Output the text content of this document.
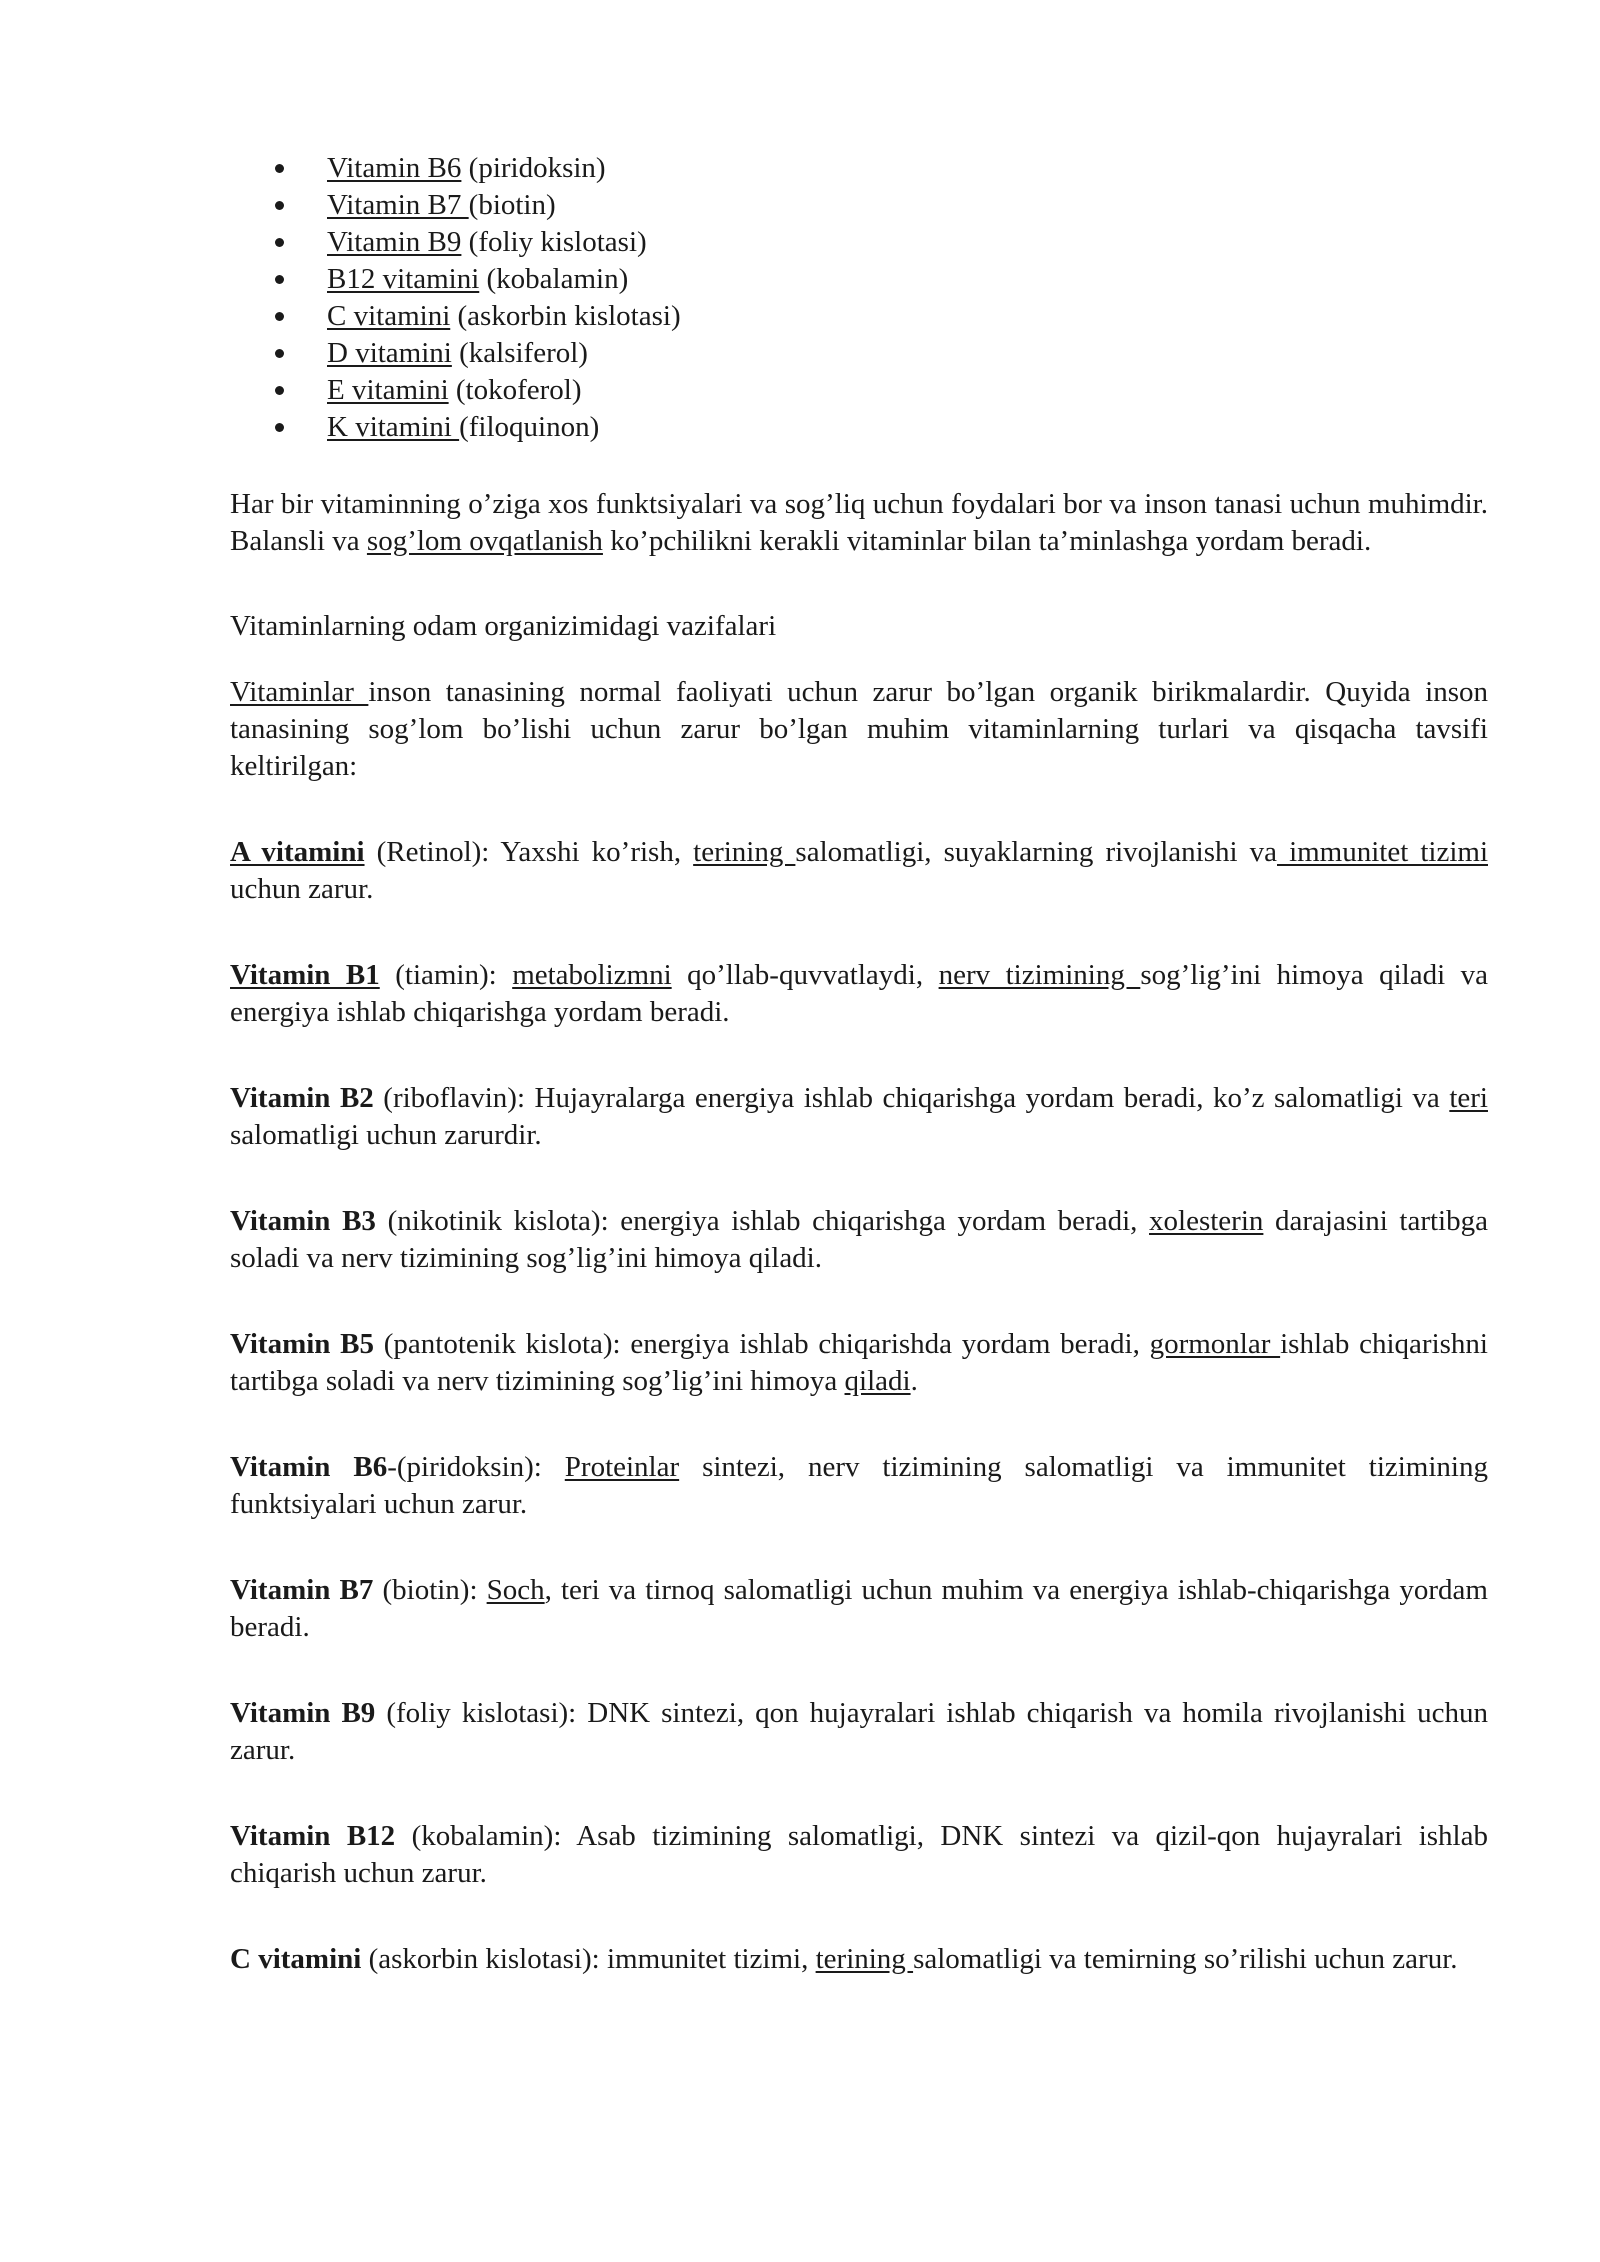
Vitamin B6 (piridoksin)
Vitamin B7 (biotin)
Vitamin B9 (foliy kislotasi)
B12 vitamini (kobalamin)
C vitamini (askorbin kislotasi)
D vitamini (kalsiferol)
E vitamini (tokoferol)
K vitamini (filoquinon)

Har bir vitaminning o’ziga xos funktsiyalari va sog’liq uchun foydalari bor va inson tanasi uchun muhimdir. Balansli va sog’lom ovqatlanish ko’pchilikni kerakli vitaminlar bilan ta’minlashga yordam beradi.

Vitaminlarning odam organizimidagi vazifalari

Vitaminlar inson tanasining normal faoliyati uchun zarur bo’lgan organik birikmalardir. Quyida inson tanasining sog’lom bo’lishi uchun zarur bo’lgan muhim vitaminlarning turlari va qisqacha tavsifi keltirilgan:

A vitamini (Retinol): Yaxshi ko’rish, terining salomatligi, suyaklarning rivojlanishi va immunitet tizimi uchun zarur.

Vitamin B1 (tiamin): metabolizmni qo’llab-quvvatlaydi, nerv tizimining sog’lig’ini himoya qiladi va energiya ishlab chiqarishga yordam beradi.

Vitamin B2 (riboflavin): Hujayralarga energiya ishlab chiqarishga yordam beradi, ko’z salomatligi va teri salomatligi uchun zarurdir.

Vitamin B3 (nikotinik kislota): energiya ishlab chiqarishga yordam beradi, xolesterin darajasini tartibga soladi va nerv tizimining sog’lig’ini himoya qiladi.

Vitamin B5 (pantotenik kislota): energiya ishlab chiqarishda yordam beradi, gormonlar ishlab chiqarishni tartibga soladi va nerv tizimining sog’lig’ini himoya qiladi.

Vitamin B6-(piridoksin): Proteinlar sintezi, nerv tizimining salomatligi va immunitet tizimining funktsiyalari uchun zarur.

Vitamin B7 (biotin): Soch, teri va tirnoq salomatligi uchun muhim va energiya ishlab-chiqarishga yordam beradi.

Vitamin B9 (foliy kislotasi): DNK sintezi, qon hujayralari ishlab chiqarish va homila rivojlanishi uchun zarur.

Vitamin B12 (kobalamin): Asab tizimining salomatligi, DNK sintezi va qizil-qon hujayralari ishlab chiqarish uchun zarur.

C vitamini (askorbin kislotasi): immunitet tizimi, terining salomatligi va temirning so’rilishi uchun zarur.
